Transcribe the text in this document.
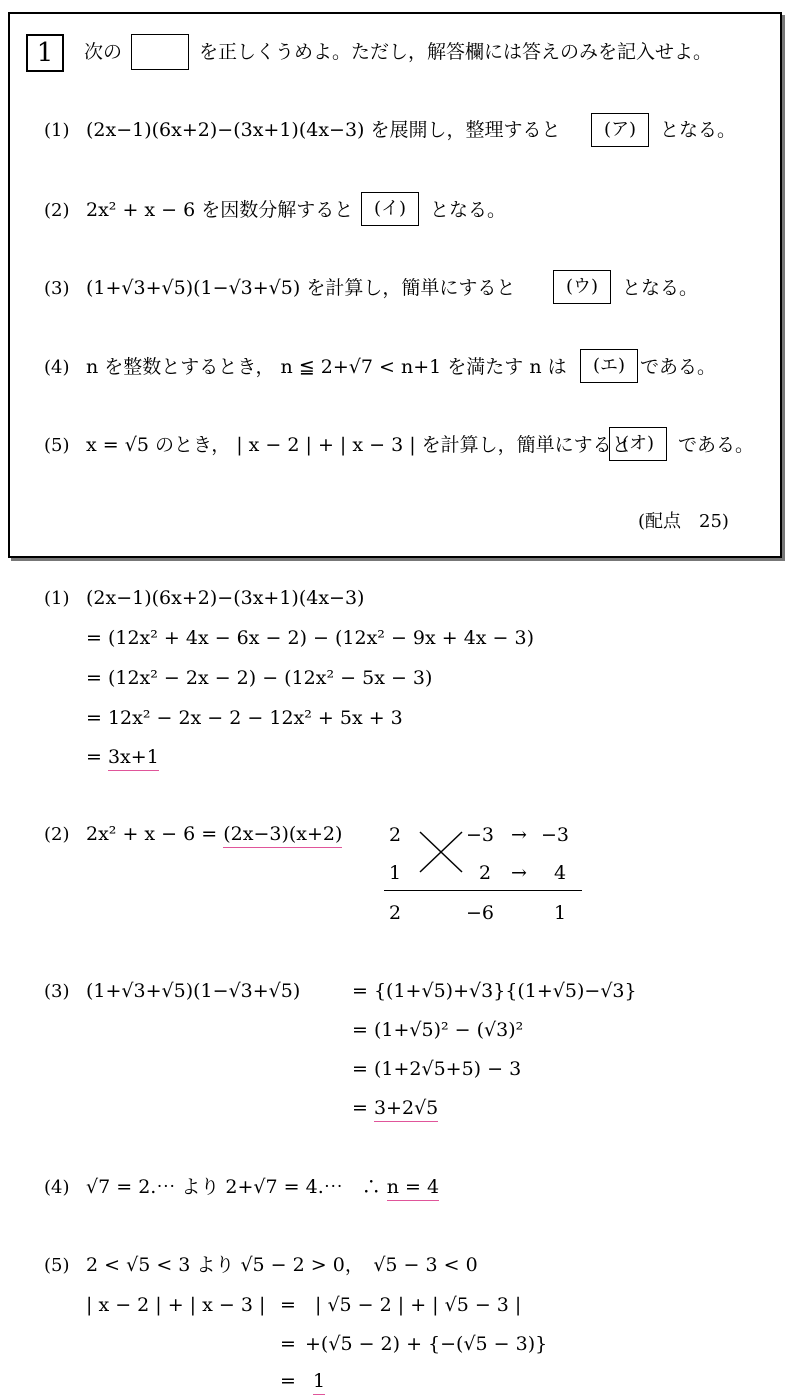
1	次の	を正しくうめよ。ただし，解答欄には答えのみを記入せよ。
(1) (2x−1)(6x+2)−(3x+1)(4x−3) を展開し，整理すると	(ア)	となる。
(2) 2x² + x − 6 を因数分解すると	(イ)	となる。
(3) (1+√3+√5)(1−√3+√5) を計算し，簡単にすると	(ウ)	となる。
(4) n を整数とするとき， n ≦ 2+√7 < n+1 を満たす n は	(エ) である。
(5) x = √5 のとき， | x − 2 | + | x − 3 | を計算し，簡単にすると
(オ)	である。
(配点　25)
(1) (2x−1)(6x+2)−(3x+1)(4x−3)
= (12x² + 4x − 6x − 2) − (12x² − 9x + 4x − 3)
= (12x² − 2x − 2) − (12x² − 5x − 3)
= 12x² − 2x − 2 − 12x² + 5x + 3
= 3x+1
(2) 2x² + x − 6 = (2x−3)(x+2) 2	−3 → −3
1	2 → 4
2	−6	1
(3) (1+√3+√5)(1−√3+√5)	= {(1+√5)+√3}{(1+√5)−√3}
= (1+√5)² − (√3)²
= (1+2√5+5) − 3
= 3+2√5
(4) √7 = 2.⋯ より 2+√7 = 4.⋯　∴ n = 4
(5) 2 < √5 < 3 より √5 − 2 > 0，　√5 − 3 < 0
| x − 2 | + | x − 3 | = | √5 − 2 | + | √5 − 3 |
= +(√5 − 2) + {−(√5 − 3)}
= 1
